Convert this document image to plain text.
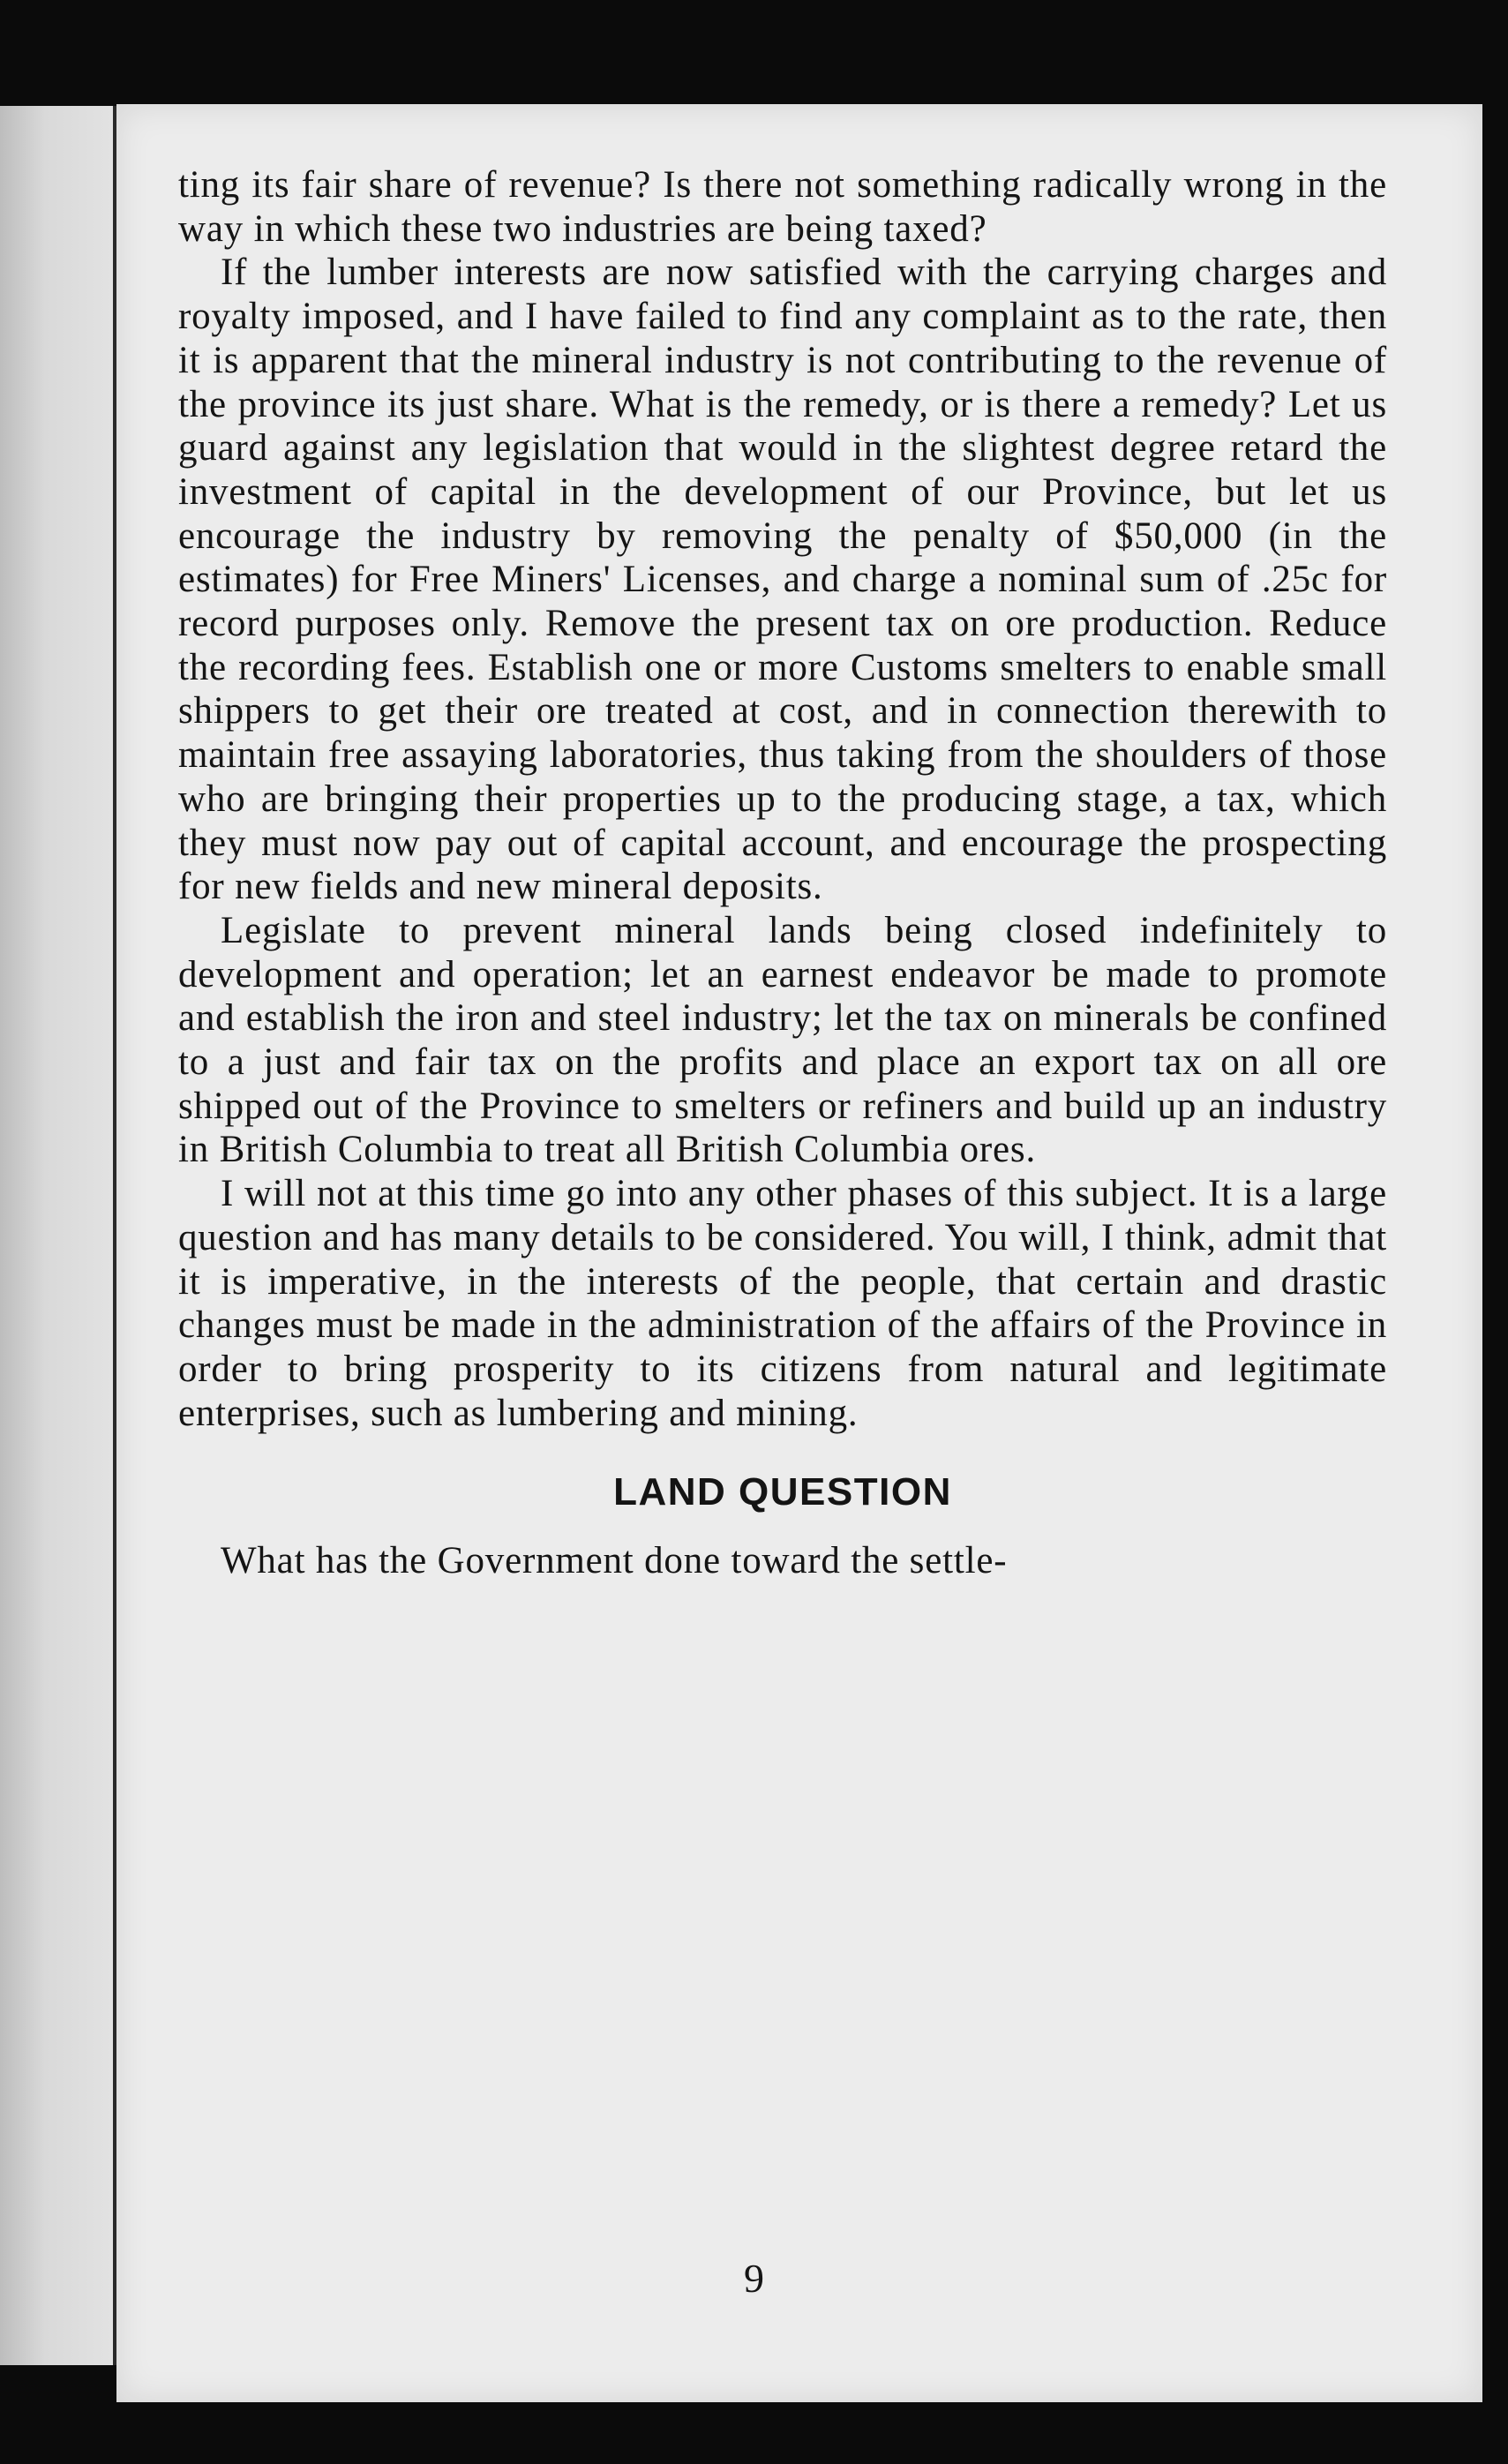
ting its fair share of revenue? Is there not something radically wrong in the way in which these two industries are being taxed?

If the lumber interests are now satisfied with the carrying charges and royalty imposed, and I have failed to find any complaint as to the rate, then it is apparent that the mineral industry is not contributing to the revenue of the province its just share. What is the remedy, or is there a remedy? Let us guard against any legislation that would in the slightest degree retard the investment of capital in the development of our Province, but let us encourage the industry by removing the penalty of $50,000 (in the estimates) for Free Miners' Licenses, and charge a nominal sum of .25c for record purposes only. Remove the present tax on ore production. Reduce the recording fees. Establish one or more Customs smelters to enable small shippers to get their ore treated at cost, and in connection therewith to maintain free assaying laboratories, thus taking from the shoulders of those who are bringing their properties up to the producing stage, a tax, which they must now pay out of capital account, and encourage the prospecting for new fields and new mineral deposits.

Legislate to prevent mineral lands being closed indefinitely to development and operation; let an earnest endeavor be made to promote and establish the iron and steel industry; let the tax on minerals be confined to a just and fair tax on the profits and place an export tax on all ore shipped out of the Province to smelters or refiners and build up an industry in British Columbia to treat all British Columbia ores.

I will not at this time go into any other phases of this subject. It is a large question and has many details to be considered. You will, I think, admit that it is imperative, in the interests of the people, that certain and drastic changes must be made in the administration of the affairs of the Province in order to bring prosperity to its citizens from natural and legitimate enterprises, such as lumbering and mining.

LAND QUESTION

What has the Government done toward the settle-

9
